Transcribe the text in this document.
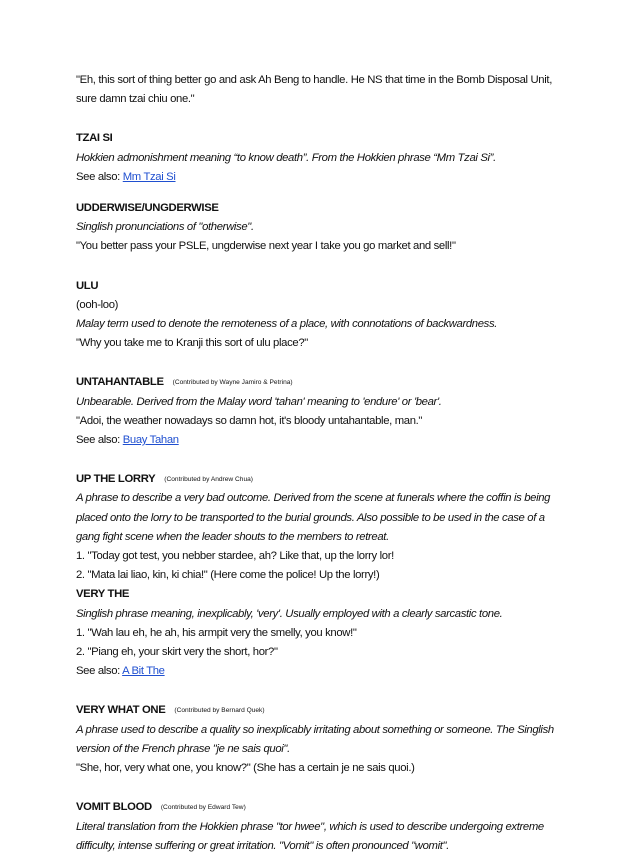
"Eh, this sort of thing better go and ask Ah Beng to handle. He NS that time in the Bomb Disposal Unit,
sure damn tzai chiu one."
TZAI SI
Hokkien admonishment meaning “to know death”. From the Hokkien phrase “Mm Tzai Si”.
See also: Mm Tzai Si
UDDERWISE/UNGDERWISE
Singlish pronunciations of "otherwise".
"You better pass your PSLE, ungderwise next year I take you go market and sell!"
ULU
(ooh-loo)
Malay term used to denote the remoteness of a place, with connotations of backwardness.
"Why you take me to Kranji this sort of ulu place?"
UNTAHANTABLE (Contributed by Wayne Jamiro & Petrina)
Unbearable. Derived from the Malay word 'tahan' meaning to 'endure' or 'bear'.
"Adoi, the weather nowadays so damn hot, it's bloody untahantable, man."
See also: Buay Tahan
UP THE LORRY (Contributed by Andrew Chua)
A phrase to describe a very bad outcome. Derived from the scene at funerals where the coffin is being
placed onto the lorry to be transported to the burial grounds. Also possible to be used in the case of a
gang fight scene when the leader shouts to the members to retreat.
1. "Today got test, you nebber stardee, ah? Like that, up the lorry lor!
2. "Mata lai liao, kin, ki chia!" (Here come the police! Up the lorry!)
VERY THE
Singlish phrase meaning, inexplicably, 'very'. Usually employed with a clearly sarcastic tone.
1. "Wah lau eh, he ah, his armpit very the smelly, you know!"
2. "Piang eh, your skirt very the short, hor?"
See also: A Bit The
VERY WHAT ONE (Contributed by Bernard Quek)
A phrase used to describe a quality so inexplicably irritating about something or someone. The Singlish
version of the French phrase "je ne sais quoi".
"She, hor, very what one, you know?" (She has a certain je ne sais quoi.)
VOMIT BLOOD (Contributed by Edward Tew)
Literal translation from the Hokkien phrase "tor hwee", which is used to describe undergoing extreme
difficulty, intense suffering or great irritation. "Vomit" is often pronounced "womit".
